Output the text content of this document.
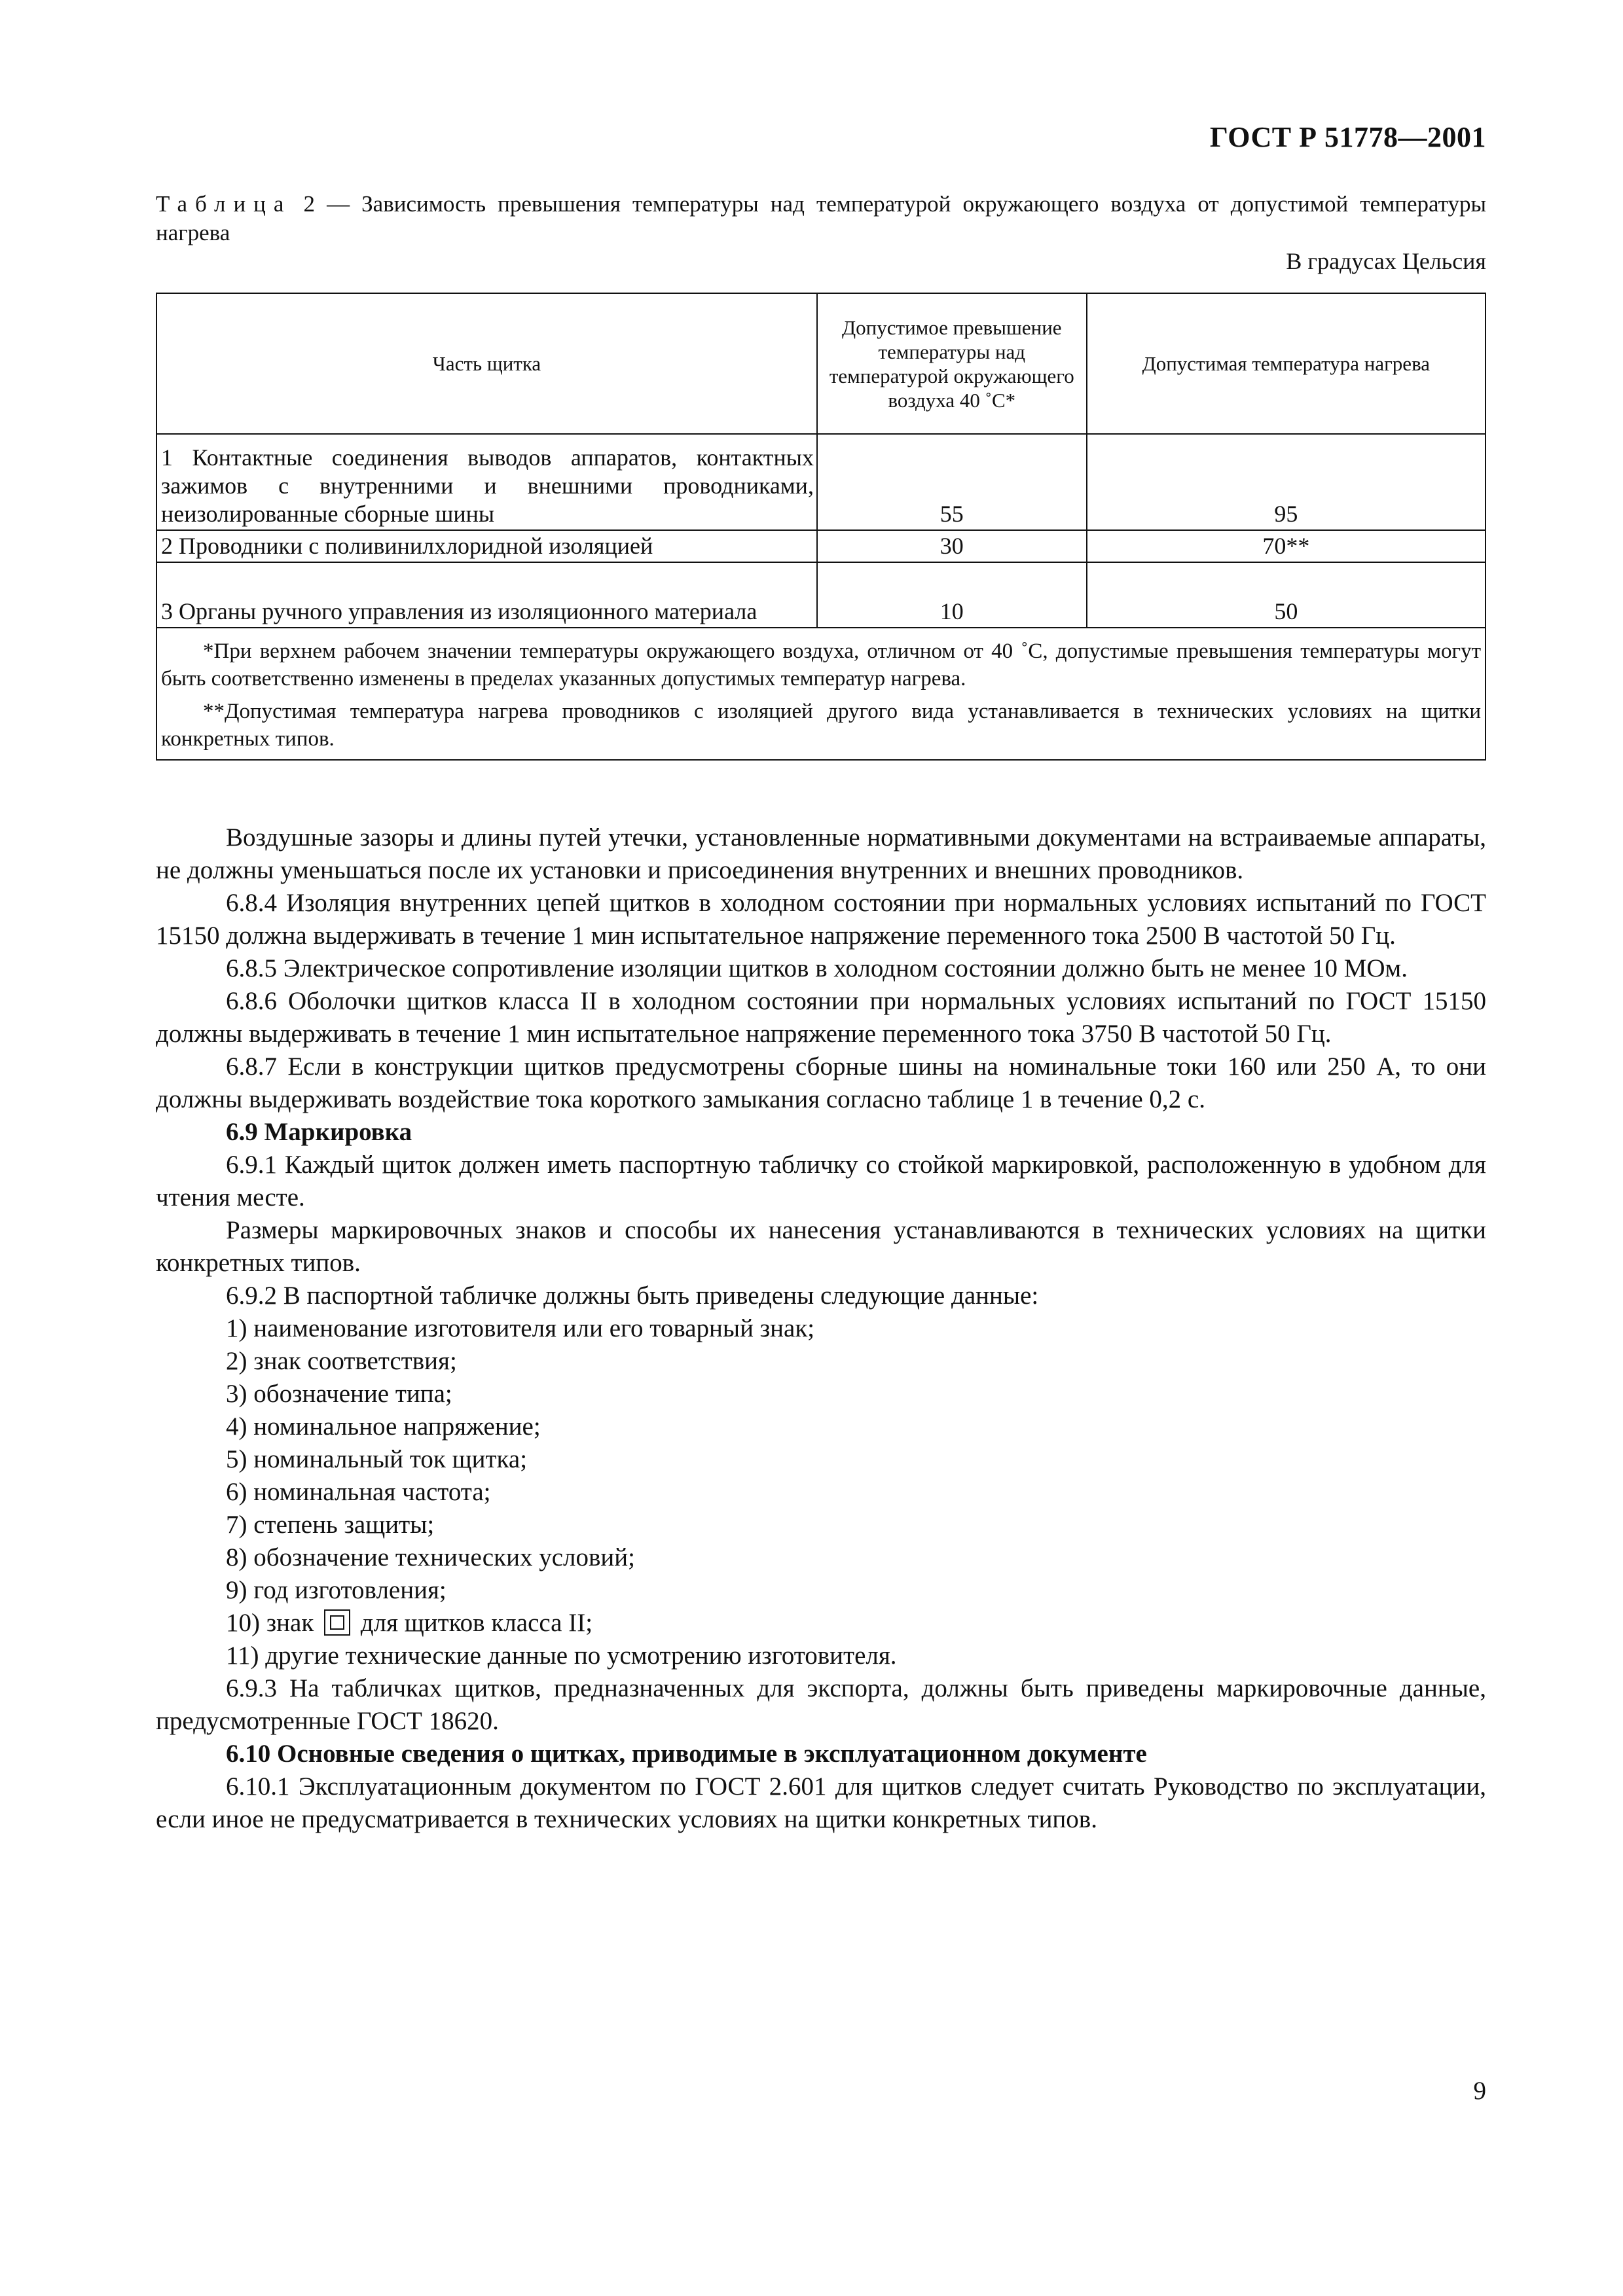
ГОСТ Р 51778—2001
Таблица 2 — Зависимость превышения температуры над температурой окружающего воздуха от допустимой температуры нагрева
В градусах Цельсия
Часть щитка	Допустимое превышение температуры над температурой окружающего воздуха 40 ˚С*	Допустимая температура нагрева
1 Контактные соединения выводов аппаратов, контактных зажимов с внутренними и внешними проводниками, неизолированные сборные шины	55	95
2 Проводники с поливинилхлоридной изоляцией	30	70**
3 Органы ручного управления из изоляционного материала	10	50

*При верхнем рабочем значении температуры окружающего воздуха, отличном от 40 ˚С, допустимые превышения температуры могут быть соответственно изменены в пределах указанных допустимых температур нагрева.

**Допустимая температура нагрева проводников с изоляцией другого вида устанавливается в технических условиях на щитки конкретных типов.		

Воздушные зазоры и длины путей утечки, установленные нормативными документами на встраиваемые аппараты, не должны уменьшаться после их установки и присоединения внутренних и внешних проводников.

6.8.4 Изоляция внутренних цепей щитков в холодном состоянии при нормальных условиях испытаний по ГОСТ 15150 должна выдерживать в течение 1 мин испытательное напряжение переменного тока 2500 В частотой 50 Гц.

6.8.5 Электрическое сопротивление изоляции щитков в холодном состоянии должно быть не менее 10 МОм.

6.8.6 Оболочки щитков класса II в холодном состоянии при нормальных условиях испытаний по ГОСТ 15150 должны выдерживать в течение 1 мин испытательное напряжение переменного тока 3750 В частотой 50 Гц.

6.8.7 Если в конструкции щитков предусмотрены сборные шины на номинальные токи 160 или 250 А, то они должны выдерживать воздействие тока короткого замыкания согласно таблице 1 в течение 0,2 с.

6.9 Маркировка

6.9.1 Каждый щиток должен иметь паспортную табличку со стойкой маркировкой, расположенную в удобном для чтения месте.

Размеры маркировочных знаков и способы их нанесения устанавливаются в технических условиях на щитки конкретных типов.

6.9.2 В паспортной табличке должны быть приведены следующие данные:

1) наименование изготовителя или его товарный знак;

2) знак соответствия;

3) обозначение типа;

4) номинальное напряжение;

5) номинальный ток щитка;

6) номинальная частота;

7) степень защиты;

8) обозначение технических условий;

9) год изготовления;

10) знак для щитков класса II;

11) другие технические данные по усмотрению изготовителя.

6.9.3 На табличках щитков, предназначенных для экспорта, должны быть приведены маркировочные данные, предусмотренные ГОСТ 18620.

6.10 Основные сведения о щитках, приводимые в эксплуатационном документе

6.10.1 Эксплуатационным документом по ГОСТ 2.601 для щитков следует считать Руководство по эксплуатации, если иное не предусматривается в технических условиях на щитки конкретных типов.

9
